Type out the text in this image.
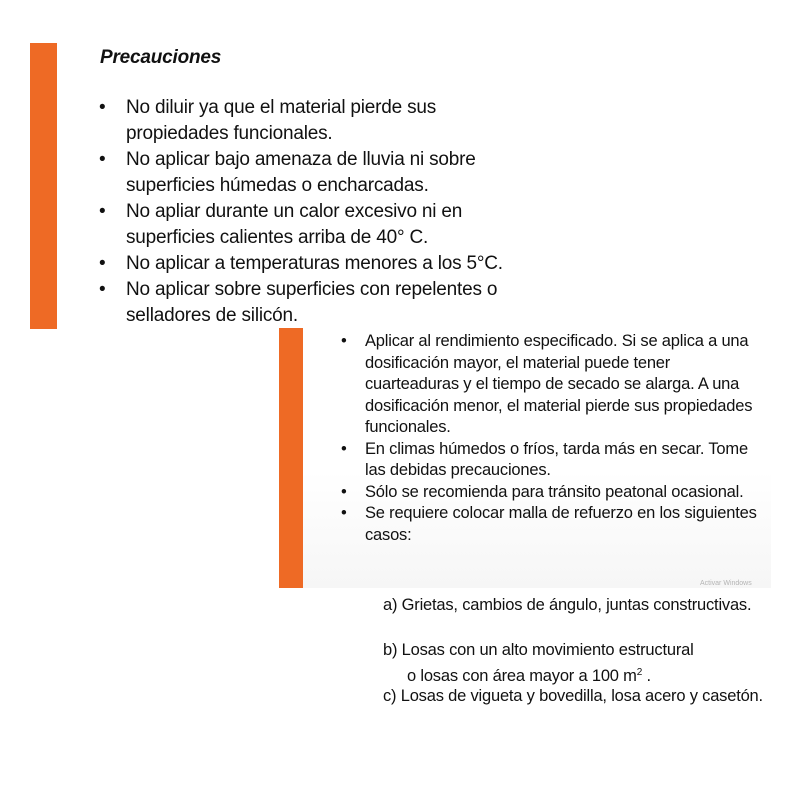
Precauciones
• No diluir ya que el material pierde sus propiedades funcionales.
• No aplicar bajo amenaza de lluvia ni sobre superficies húmedas o encharcadas.
• No apliar durante un calor excesivo ni en superficies calientes arriba de 40° C.
• No aplicar a temperaturas menores a los 5°C.
• No aplicar sobre superficies con repelentes o selladores de silicón.
• Aplicar al rendimiento especificado. Si se aplica a una dosificación mayor, el material puede tener cuarteaduras y el tiempo de secado se alarga. A una dosificación menor, el material pierde sus propiedades funcionales.
• En climas húmedos o fríos, tarda más en secar. Tome las debidas precauciones.
• Sólo se recomienda para tránsito peatonal ocasional.
• Se requiere colocar malla de refuerzo en los siguientes casos:

a) Grietas, cambios de ángulo, juntas constructivas.

b) Losas con un alto movimiento estructural
o losas con área mayor a 100 $m^2$ .

c) Losas de vigueta y bovedilla, losa acero y casetón.

Activar Windows
